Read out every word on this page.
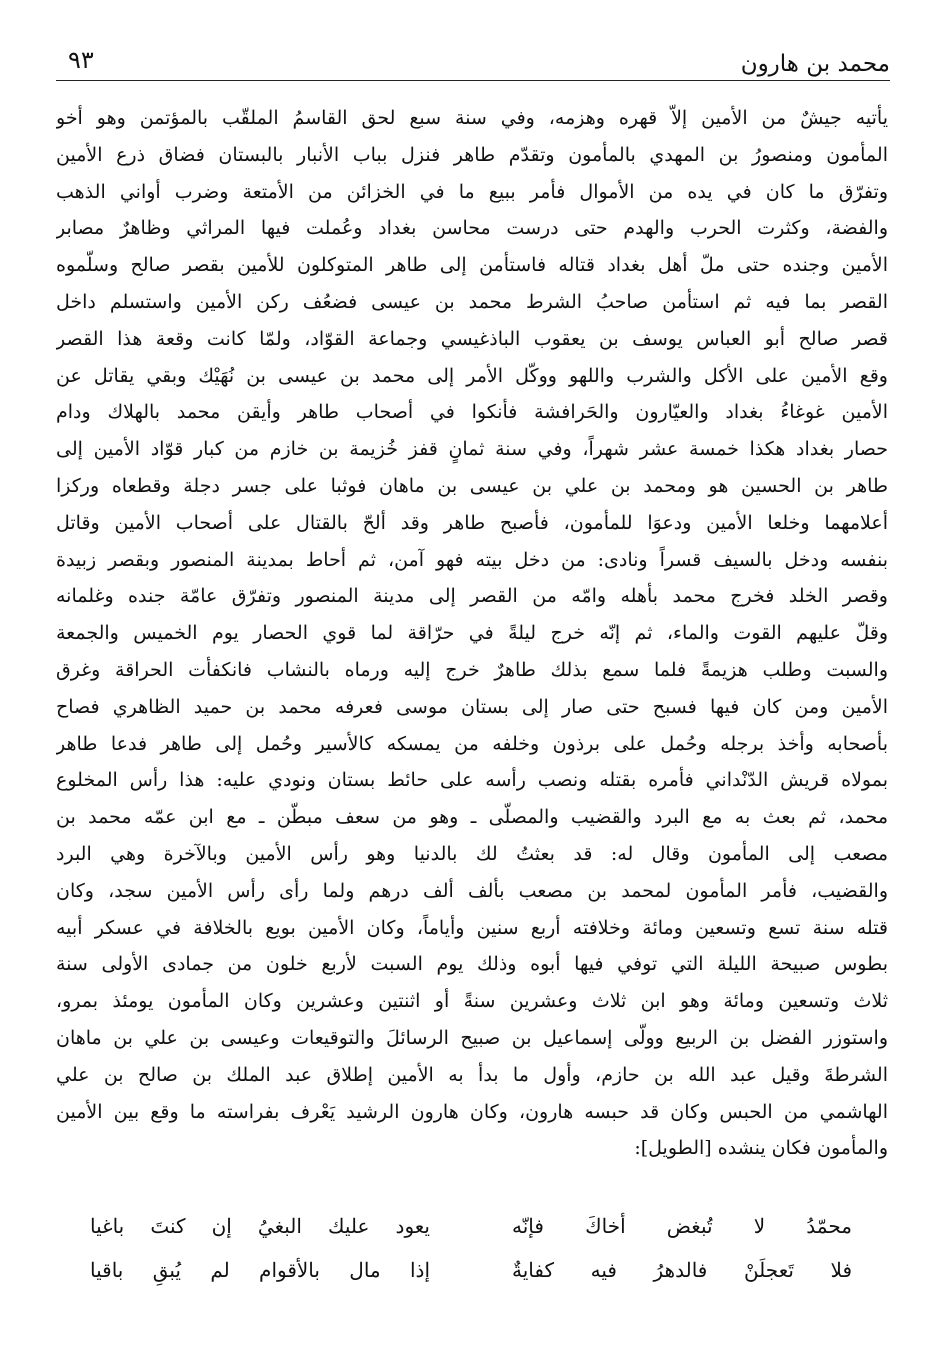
محمد بن هارون
٩٣
يأتيه جيشٌ من الأمين إلاّ قهره وهزمه، وفي سنة سبع لحق القاسمُ الملقّب بالمؤتمن وهو أخو
المأمون ومنصورُ بن المهدي بالمأمون وتقدّم طاهر فنزل بباب الأنبار بالبستان فضاق ذرع الأمين
وتفرّق ما كان في يده من الأموال فأمر ببيع ما في الخزائن من الأمتعة وضرب أواني الذهب
والفضة، وكثرت الحرب والهدم حتى درست محاسن بغداد وعُملت فيها المراثي وظاهرٌ مصابر
الأمين وجنده حتى ملّ أهل بغداد قتاله فاستأمن إلى طاهر المتوكلون للأمين بقصر صالح وسلّموه
القصر بما فيه ثم استأمن صاحبُ الشرط محمد بن عيسى فضعُف ركن الأمين واستسلم داخل
قصر صالح أبو العباس يوسف بن يعقوب الباذغيسي وجماعة القوّاد، ولمّا كانت وقعة هذا القصر
وقع الأمين على الأكل والشرب واللهو ووكّل الأمر إلى محمد بن عيسى بن نُهَيْك وبقي يقاتل عن
الأمين غوغاءُ بغداد والعيّارون والحَرافشة فأنكوا في أصحاب طاهر وأيقن محمد بالهلاك ودام
حصار بغداد هكذا خمسة عشر شهراً، وفي سنة ثمانٍ قفز خُزيمة بن خازم من كبار قوّاد الأمين إلى
طاهر بن الحسين هو ومحمد بن علي بن عيسى بن ماهان فوثبا على جسر دجلة وقطعاه وركزا
أعلامهما وخلعا الأمين ودعوَا للمأمون، فأصبح طاهر وقد ألحّ بالقتال على أصحاب الأمين وقاتل
بنفسه ودخل بالسيف قسراً ونادى: من دخل بيته فهو آمن، ثم أحاط بمدينة المنصور وبقصر زبيدة
وقصر الخلد فخرج محمد بأهله وامّه من القصر إلى مدينة المنصور وتفرّق عامّة جنده وغلمانه
وقلّ عليهم القوت والماء، ثم إنّه خرج ليلةً في حرّاقة لما قوي الحصار يوم الخميس والجمعة
والسبت وطلب هزيمةً فلما سمع بذلك طاهرٌ خرج إليه ورماه بالنشاب فانكفأت الحراقة وغرق
الأمين ومن كان فيها فسبح حتى صار إلى بستان موسى فعرفه محمد بن حميد الظاهري فصاح
بأصحابه وأخذ برجله وحُمل على برذون وخلفه من يمسكه كالأسير وحُمل إلى طاهر فدعا طاهر
بمولاه قريش الدّنْداني فأمره بقتله ونصب رأسه على حائط بستان ونودي عليه: هذا رأس المخلوع
محمد، ثم بعث به مع البرد والقضيب والمصلّى ـ وهو من سعف مبطّن ـ مع ابن عمّه محمد بن
مصعب إلى المأمون وقال له: قد بعثتُ لك بالدنيا وهو رأس الأمين وبالآخرة وهي البرد
والقضيب، فأمر المأمون لمحمد بن مصعب بألف ألف درهم ولما رأى رأس الأمين سجد، وكان
قتله سنة تسع وتسعين ومائة وخلافته أربع سنين وأياماً، وكان الأمين بويع بالخلافة في عسكر أبيه
بطوس صبيحة الليلة التي توفي فيها أبوه وذلك يوم السبت لأربع خلون من جمادى الأولى سنة
ثلاث وتسعين ومائة وهو ابن ثلاث وعشرين سنةً أو اثنتين وعشرين وكان المأمون يومئذ بمرو،
واستوزر الفضل بن الربيع وولّى إسماعيل بن صبيح الرسائلَ والتوقيعات وعيسى بن علي بن ماهان
الشرطةَ وقيل عبد الله بن حازم، وأول ما بدأ به الأمين إطلاق عبد الملك بن صالح بن علي
الهاشمي من الحبس وكان قد حبسه هارون، وكان هارون الرشيد يَعْرف بفراسته ما وقع بين الأمين
والمأمون فكان ينشده [الطويل]:
محمّدُ لا تُبغض أخاكَ فإنّه
يعود عليك البغيُ إن كنتَ باغيا
فلا تَعجلَنْ فالدهرُ فيه كفايةٌ
إذا مال بالأقوام لم يُبقِ باقيا
